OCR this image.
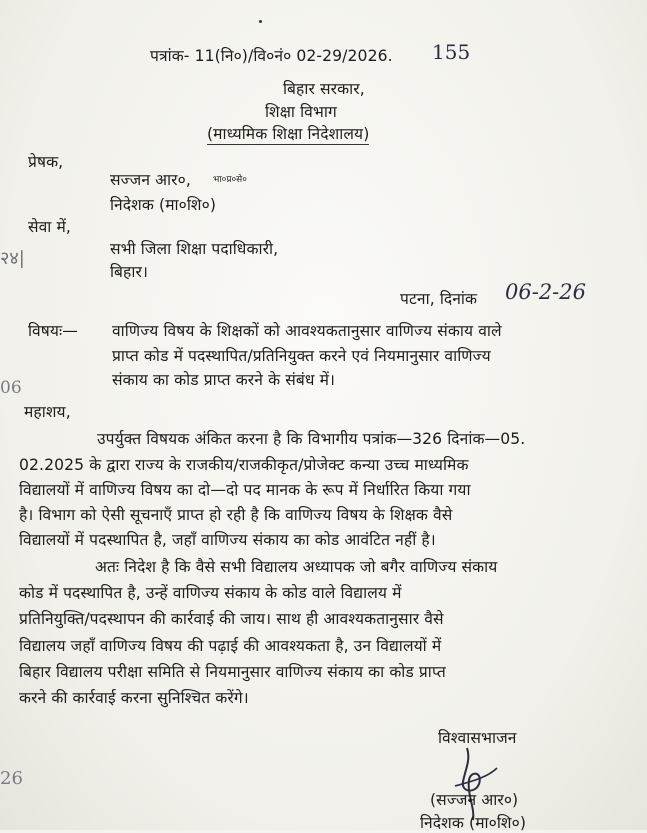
पत्रांक- 11(नि०)/वि०नं० 02-29/2026. 155
बिहार सरकार,
शिक्षा विभाग
(माध्यमिक शिक्षा निदेशालय)
प्रेषक,
सज्जन आर०, भा०प्र०से०
निदेशक (मा०शि०)
सेवा में,
२४|	सभी जिला शिक्षा पदाधिकारी,
बिहार।
पटना, दिनांक 06-2-26
विषयः— वाणिज्य विषय के शिक्षकों को आवश्यकतानुसार वाणिज्य संकाय वाले
प्राप्त कोड में पदस्थापित/प्रतिनियुक्त करने एवं नियमानुसार वाणिज्य
संकाय का कोड प्राप्त करने के संबंध में।
06
महाशय,
उपर्युक्त विषयक अंकित करना है कि विभागीय पत्रांक—326 दिनांक—05.
02.2025 के द्वारा राज्य के राजकीय/राजकीकृत/प्रोजेक्ट कन्या उच्च माध्यमिक
विद्यालयों में वाणिज्य विषय का दो—दो पद मानक के रूप में निर्धारित किया गया
है। विभाग को ऐसी सूचनाएँ प्राप्त हो रही है कि वाणिज्य विषय के शिक्षक वैसे
विद्यालयों में पदस्थापित है, जहाँ वाणिज्य संकाय का कोड आवंटित नहीं है।
अतः निदेश है कि वैसे सभी विद्यालय अध्यापक जो बगैर वाणिज्य संकाय
कोड में पदस्थापित है, उन्हें वाणिज्य संकाय के कोड वाले विद्यालय में
प्रतिनियुक्ति/पदस्थापन की कार्रवाई की जाय। साथ ही आवश्यकतानुसार वैसे
विद्यालय जहाँ वाणिज्य विषय की पढ़ाई की आवश्यकता है, उन विद्यालयों में
बिहार विद्यालय परीक्षा समिति से नियमानुसार वाणिज्य संकाय का कोड प्राप्त
करने की कार्रवाई करना सुनिश्चित करेंगे।
विश्वासभाजन
(सज्जन आर०)
निदेशक (मा०शि०)
26
